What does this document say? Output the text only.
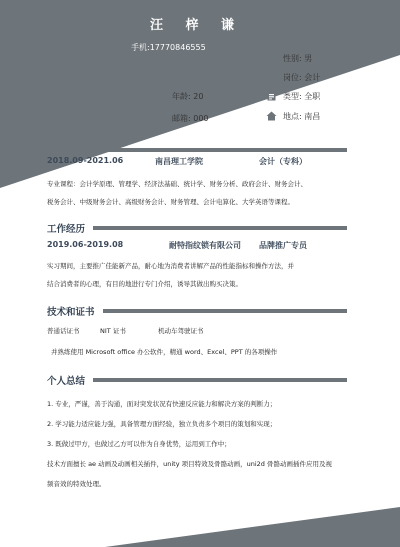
汪 梓 谦
手机:17770846555
年龄: 20
邮箱: 000
性别: 男
岗位: 会计
类型: 全职
地点: 南昌
2018.09-2021.06	南昌理工学院	会计（专科）
专业课程：会计学原理、管理学、经济法基础、统计学、财务分析、政府会计、财务会计、
税务会计、中级财务会计、高级财务会计、财务管理、会计电算化、大学英语等课程。
工作经历
2019.06-2019.08	耐特指纹锁有限公司 品牌推广专员
实习期间，主要推广佳能新产品，耐心地为消费者讲解产品的性能指标和操作方法，并
结合消费者的心理，有目的地进行专门介绍，诱导其做出购买决策。
技术和证书
普通话证书	NIT 证书	机动车驾驶证书
并熟练使用 Microsoft office 办公软件，精通 word、Excel、PPT 的各项操作
个人总结
1. 专业，严谨，善于沟通，面对突发状况有快速反应能力和解决方案的判断力；
2. 学习能力适应能力强，具备管理方面经验，独立负责多个项目的策划和实现；
3. 既做过甲方，也做过乙方可以作为自身优势，运用到工作中；
技术方面擅长 ae 动画及动画相关插件，unity 项目特效及骨骼动画，uni2d 骨骼动画插件应用及视
频音效的特效处理。
